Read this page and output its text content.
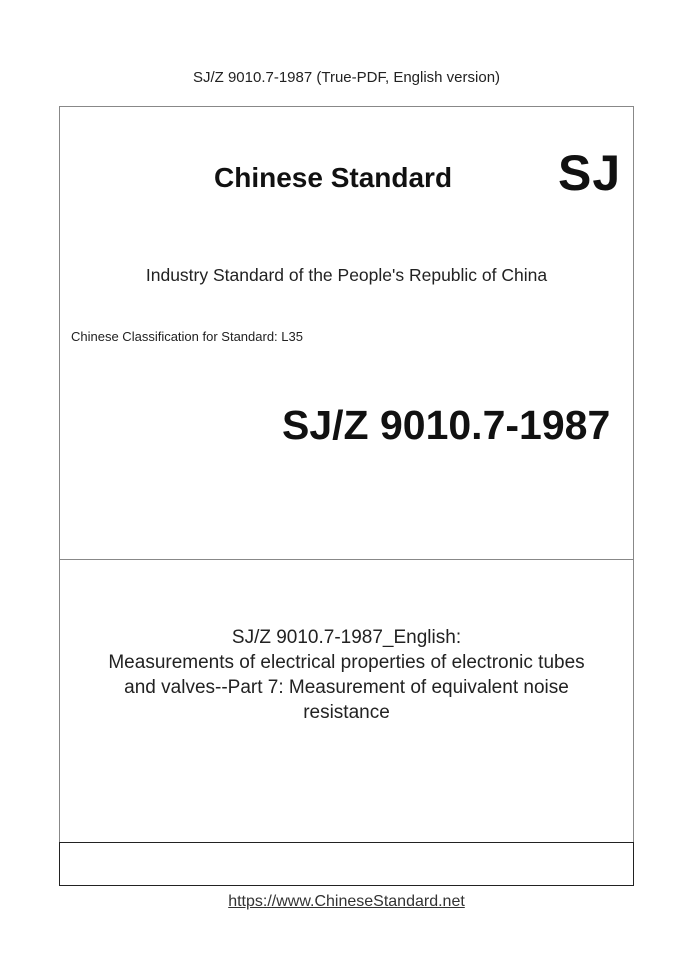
SJ/Z 9010.7-1987 (True-PDF, English version)
Chinese Standard SJ
Industry Standard of the People's Republic of China
Chinese Classification for Standard: L35
SJ/Z 9010.7-1987
SJ/Z 9010.7-1987_English:
Measurements of electrical properties of electronic tubes
and valves--Part 7: Measurement of equivalent noise
resistance
https://www.ChineseStandard.net
